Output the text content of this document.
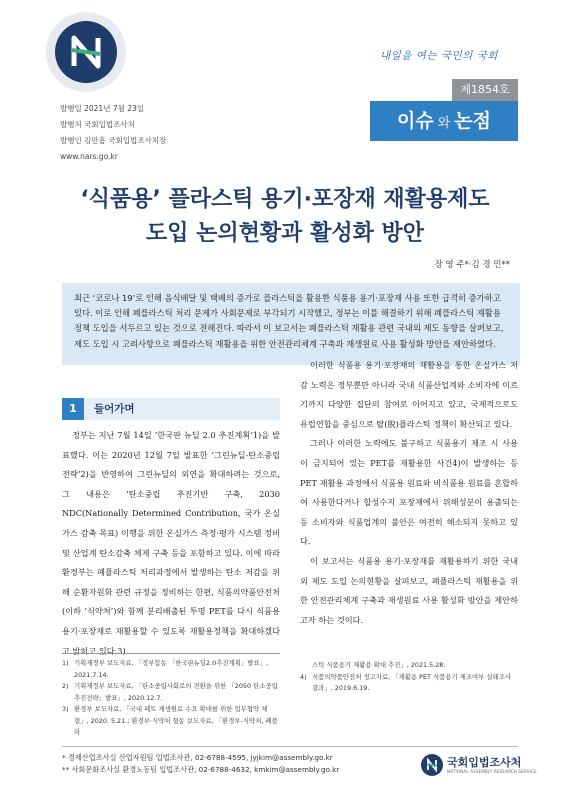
내일을 여는 국민의 국회
제1854호
이슈 와 논점
발행일 2021년 7월 23일
발행처 국회입법조사처
발행인 김만흠 국회입법조사처장
www.nars.go.kr
‘식품용’ 플라스틱 용기·포장재 재활용제도
도입 논의현황과 활성화 방안
장 영 주*·김 경 민**
최근 ‘코로나 19’로 인해 음식배달 및 택배의 증가로 플라스틱을 활용한 식품용 용기·포장재 사용 또한 급격히 증가하고 있다. 이로 인해 폐플라스틱 처리 문제가 사회문제로 부각되기 시작했고, 정부는 이를 해결하기 위해 폐플라스틱 재활용 정책 도입을 서두르고 있는 것으로 전해진다. 따라서 이 보고서는 폐플라스틱 재활용 관련 국내외 제도 동향을 살펴보고, 제도 도입 시 고려사항으로 폐플라스틱 재활용을 위한 안전관리체계 구축과 재생원료 사용 활성화 방안을 제안하였다.

이러한 식품용 용기·포장재의 재활용을 통한 온실가스 저감 노력은 정부뿐만 아니라 국내 식품산업계와 소비자에 이르기까지 다양한 집단의 참여로 이어지고 있고, 국제적으로도 유럽연합을 중심으로 탈(脫)플라스틱 정책이 확산되고 있다.

그러나 이러한 노력에도 불구하고 식품용기 제조 시 사용이 금지되어 있는 PET를 재활용한 사건4)이 발생하는 등 PET 재활용 과정에서 식품용 원료와 비식품용 원료를 혼합하여 사용한다거나 합성수지 포장재에서 위해성분이 용출되는 등 소비자와 식품업계의 불안은 여전히 해소되지 못하고 있다.

이 보고서는 식품용 용기·포장재를 재활용하기 위한 국내외 제도 도입 논의현황을 살펴보고, 폐플라스틱 재활용을 위한 안전관리체계 구축과 재생원료 사용 활성화 방안을 제안하고자 하는 것이다.

1	들어가며

정부는 지난 7월 14일 ‘한국판 뉴딜 2.0 추진계획’1)을 발표했다. 이는 2020년 12월 7일 발표한 ‘그린뉴딜-탄소중립 전략’2)을 반영하여 그린뉴딜의 외연을 확대하려는 것으로, 그 내용은 ‘탄소중립 추진기반 구축, 2030 NDC(Nationally Determined Contribution, 국가 온실가스 감축 목표) 이행을 위한 온실가스 측정·평가 시스템 정비 및 산업계 탄소감축 체제 구축 등을 포함하고 있다. 이에 따라 환경부는 폐플라스틱 처리과정에서 발생하는 탄소 저감을 위해 순환자원화 관련 규정을 정비하는 한편, 식품의약품안전처(이하 ‘식약처’)와 함께 분리배출된 투명 PET를 다시 식품용 용기·포장재로 재활용할 수 있도록 재활용정책을 확대하겠다고 밝히고 있다.3)

1) 기획재정부 보도자료, 「정부합동 「한국판뉴딜2.0추진계획」발표」, 2021.7.14.
2) 기획재정부 보도자료, 「탄소중립사회로의 전환을 위한 「2050 탄소중립 추진전략」발표」, 2020.12.7.
3) 환경부 보도자료, 「국내 페트 재생원료 수요 확대를 위한 업무협약 체결」, 2020. 5.21.; 환경부·식약처 협동 보도자료, 「환경부-식약처, 폐플라
스틱 식품용기 재활용 확대 추진」, 2021.5.28.
4) 식품의약품안전처 정고자료, 「재활용 PET 식품용기 제조여부 실태조사 결과」, 2019.6.19.
* 경제산업조사실 산업자원팀 입법조사관, 02-6788-4595, jyjkim@assembly.go.kr
** 사회문화조사실 환경노동팀 입법조사관, 02-6788-4632, kmkim@assembly.go.kr
국회입법조사처
NATIONAL ASSEMBLY RESEARCH SERVICE
